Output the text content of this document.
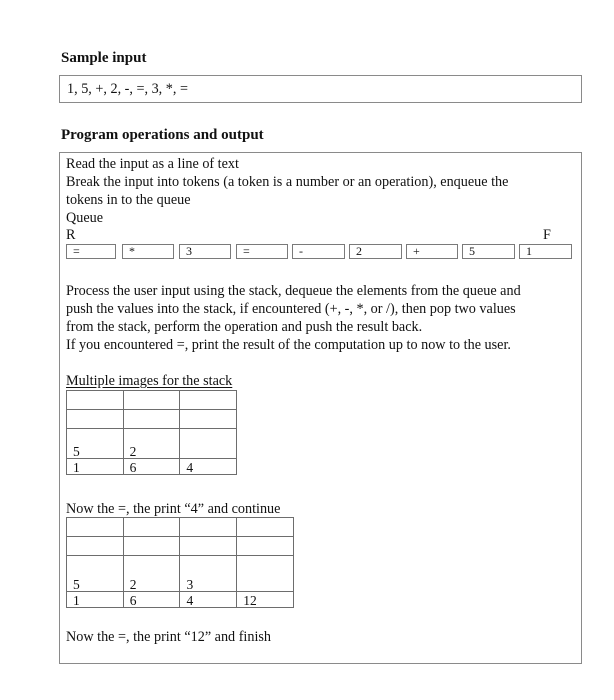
Sample input
1, 5, +, 2, -, =, 3, *, =
Program operations and output
Read the input as a line of text
Break the input into tokens (a token is a number or an operation), enqueue the
tokens in to the queue
Queue
R	F
=	*	3	=	-	2	+	5	1
Process the user input using the stack, dequeue the elements from the queue and
push the values into the stack, if encountered (+, -, *, or /), then pop two values
from the stack, perform the operation and push the result back.
If you encountered =, print the result of the computation up to now to the user.
Multiple images for the stack

5	2	
1	6	4
Now the =, the print “4” and continue

5	2	3	
1	6	4	12
Now the =, the print “12” and finish
